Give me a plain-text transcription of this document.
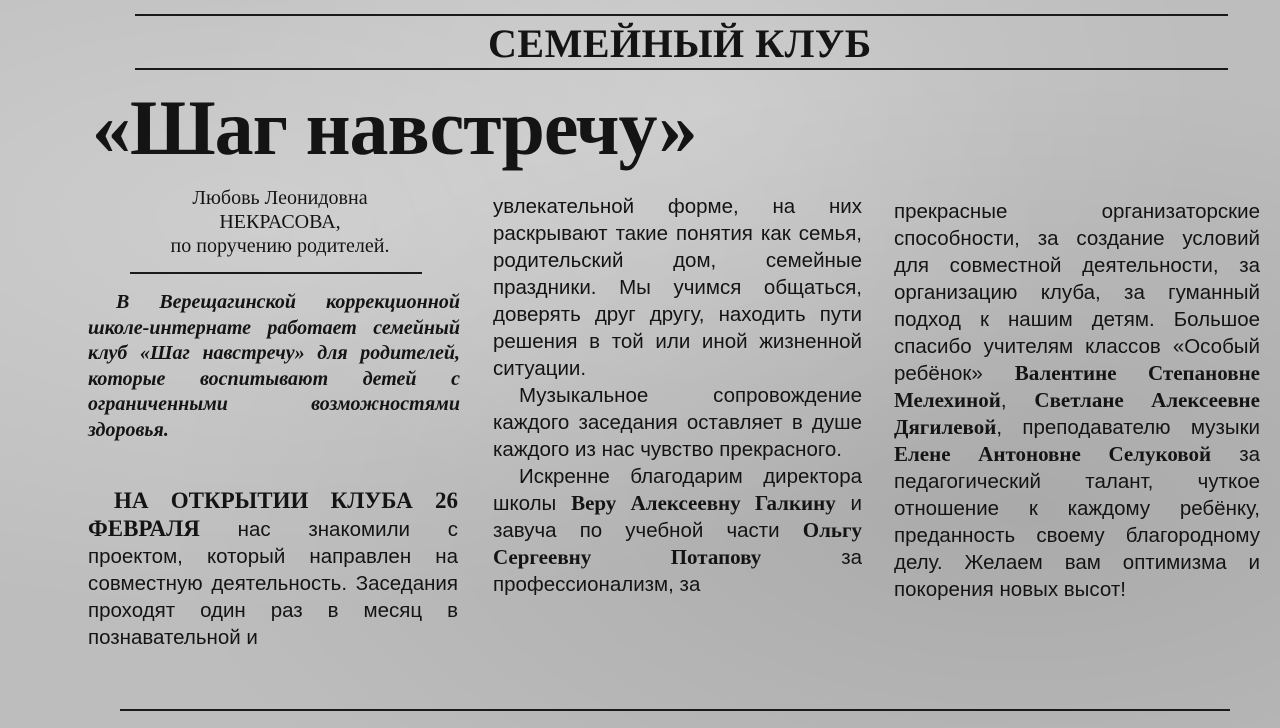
СЕМЕЙНЫЙ КЛУБ
«Шаг навстречу»
Любовь Леонидовна
НЕКРАСОВА,
по поручению родителей.
В Верещагинской коррекционной школе-интернате работает семейный клуб «Шаг навстречу» для родителей, которые воспитывают детей с ограниченными возможностями здоровья.

НА ОТКРЫТИИ КЛУБА 26 ФЕВРАЛЯ нас знакомили с проектом, который направлен на совместную деятельность. Заседания проходят один раз в месяц в познавательной и

увлекательной форме, на них раскрывают такие понятия как семья, родительский дом, семейные праздники. Мы учимся общаться, доверять друг другу, находить пути решения в той или иной жизненной ситуации.

Музыкальное сопровождение каждого заседания оставляет в душе каждого из нас чувство прекрасного.

Искренне благодарим директора школы Веру Алексеевну Галкину и завуча по учебной части Ольгу Сергеевну Потапову за профессионализм, за

прекрасные организаторские способности, за создание условий для совместной деятельности, за организацию клуба, за гуманный подход к нашим детям. Большое спасибо учителям классов «Особый ребёнок» Валентине Степановне Мелехиной, Светлане Алексеевне Дягилевой, преподавателю музыки Елене Антоновне Селуковой за педагогический талант, чуткое отношение к каждому ребёнку, преданность своему благородному делу. Желаем вам оптимизма и покорения новых высот!
